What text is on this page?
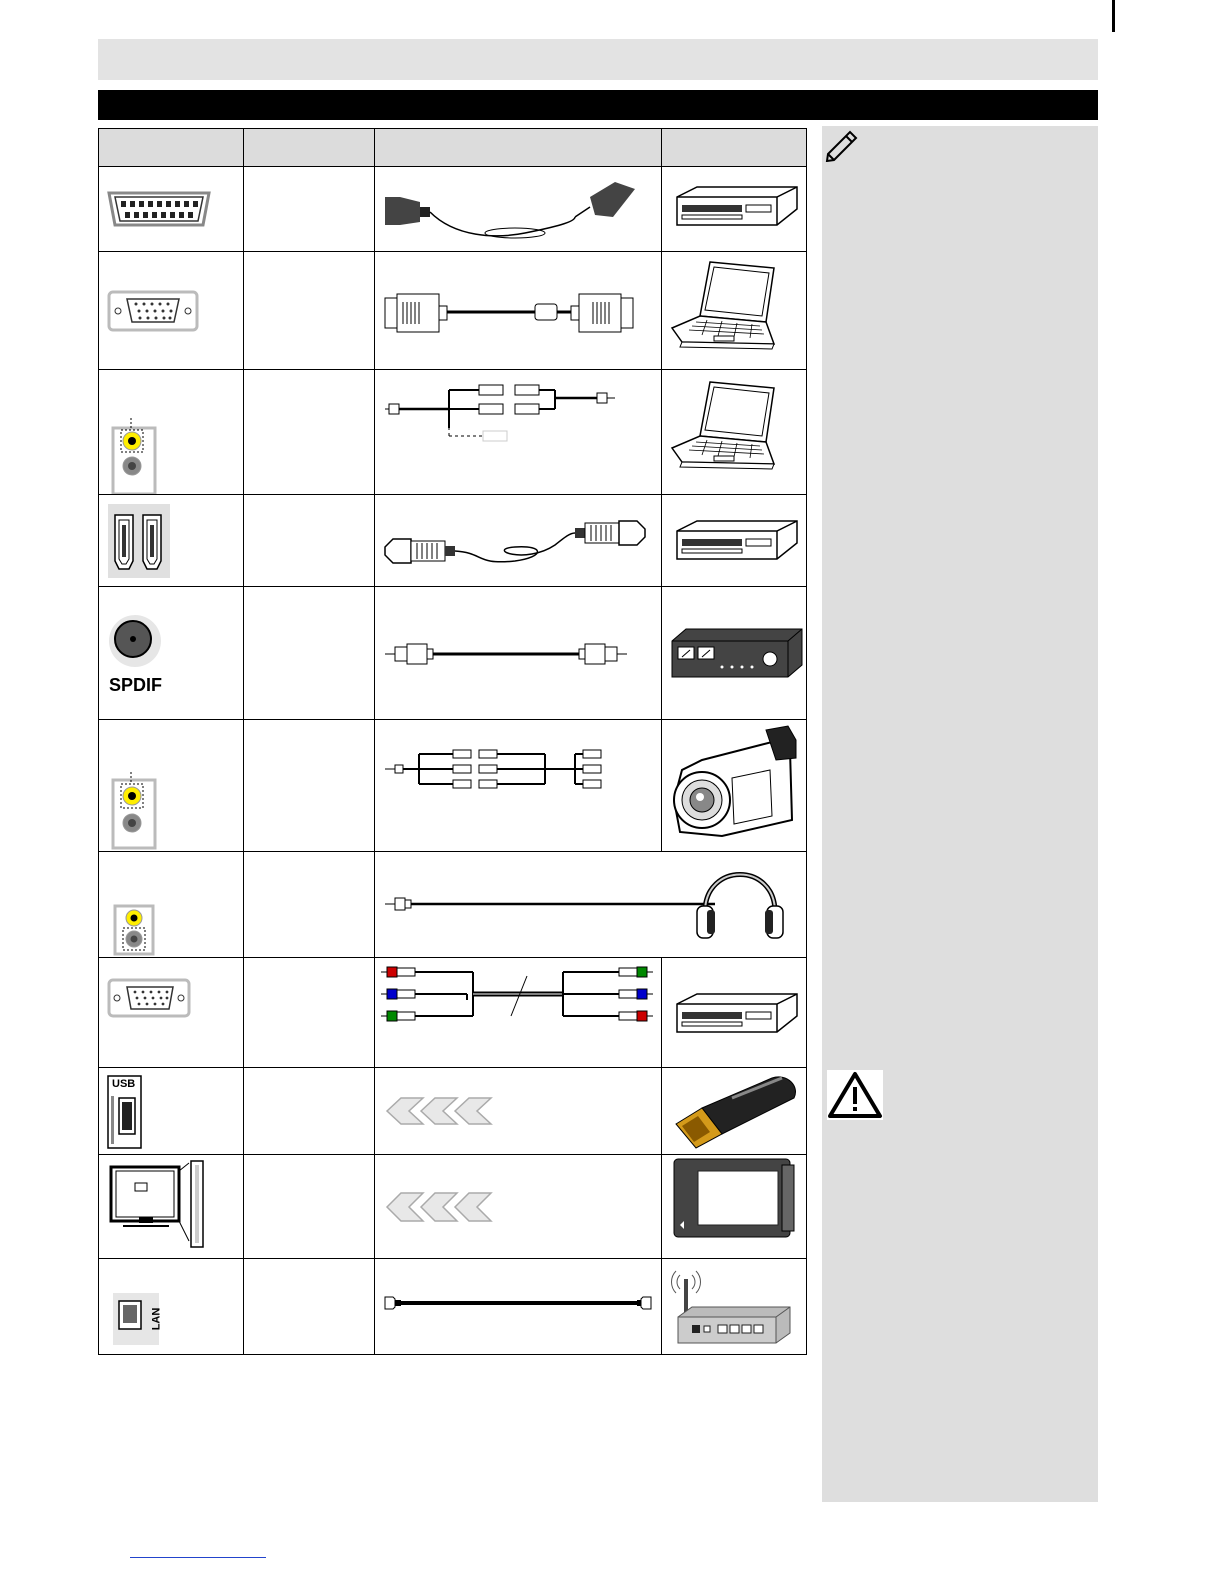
SPDIF
USB
LAN
